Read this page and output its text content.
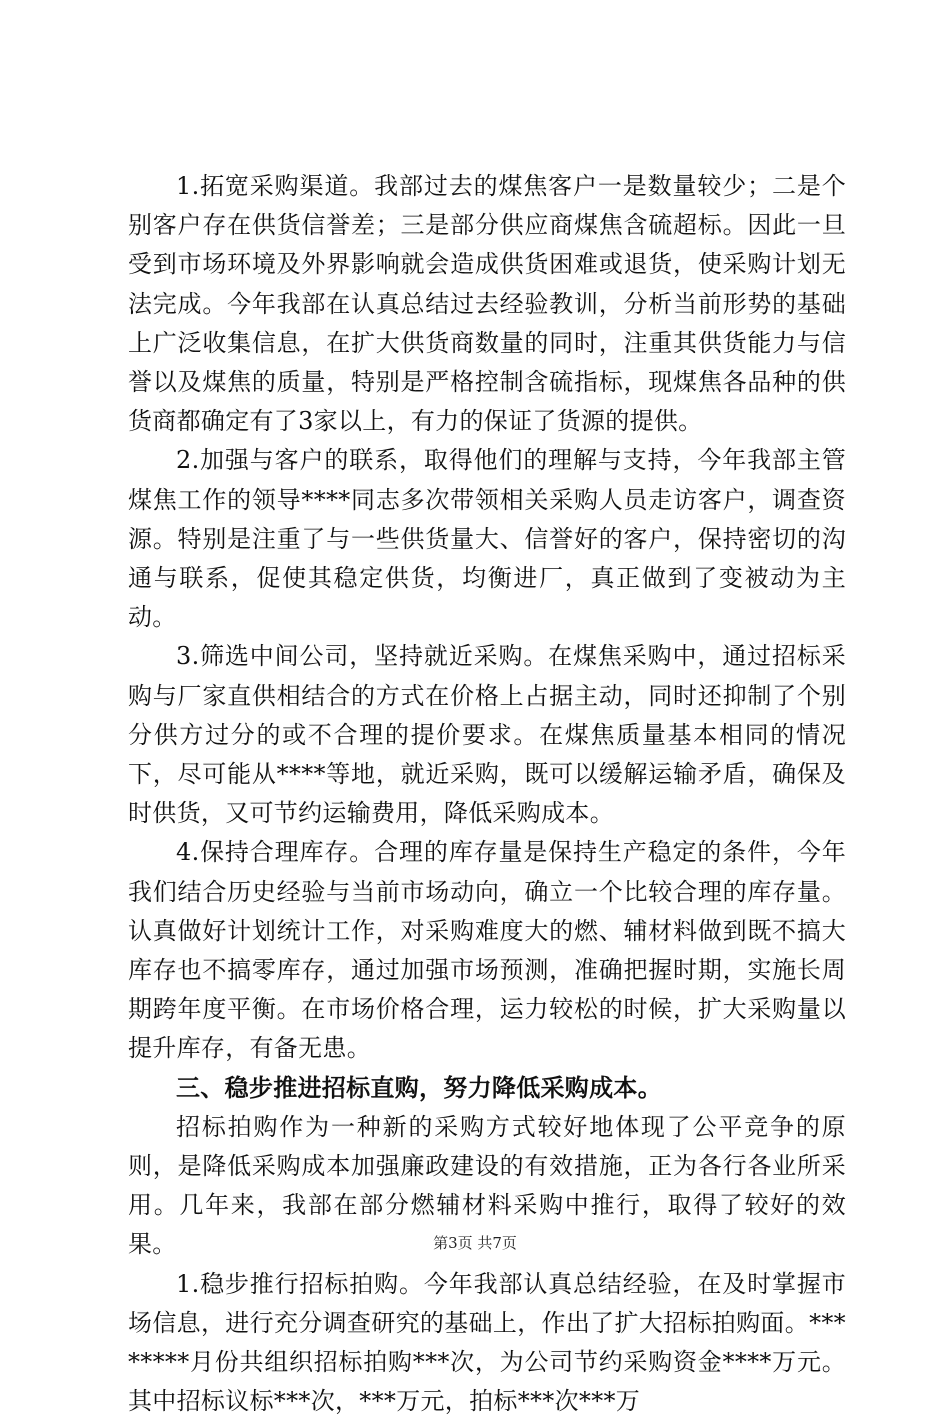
1.拓宽采购渠道。我部过去的煤焦客户一是数量较少；二是个别客户存在供货信誉差；三是部分供应商煤焦含硫超标。因此一旦受到市场环境及外界影响就会造成供货困难或退货，使采购计划无法完成。今年我部在认真总结过去经验教训，分析当前形势的基础上广泛收集信息，在扩大供货商数量的同时，注重其供货能力与信誉以及煤焦的质量，特别是严格控制含硫指标，现煤焦各品种的供货商都确定有了3家以上，有力的保证了货源的提供。

2.加强与客户的联系，取得他们的理解与支持，今年我部主管煤焦工作的领导****同志多次带领相关采购人员走访客户，调查资源。特别是注重了与一些供货量大、信誉好的客户，保持密切的沟通与联系，促使其稳定供货，均衡进厂，真正做到了变被动为主动。

3.筛选中间公司，坚持就近采购。在煤焦采购中，通过招标采购与厂家直供相结合的方式在价格上占据主动，同时还抑制了个别分供方过分的或不合理的提价要求。在煤焦质量基本相同的情况下，尽可能从****等地，就近采购，既可以缓解运输矛盾，确保及时供货，又可节约运输费用，降低采购成本。

4.保持合理库存。合理的库存量是保持生产稳定的条件，今年我们结合历史经验与当前市场动向，确立一个比较合理的库存量。认真做好计划统计工作，对采购难度大的燃、辅材料做到既不搞大库存也不搞零库存，通过加强市场预测，准确把握时期，实施长周期跨年度平衡。在市场价格合理，运力较松的时候，扩大采购量以提升库存，有备无患。

三、稳步推进招标直购，努力降低采购成本。

招标拍购作为一种新的采购方式较好地体现了公平竞争的原则，是降低采购成本加强廉政建设的有效措施，正为各行各业所采用。几年来，我部在部分燃辅材料采购中推行，取得了较好的效果。

1.稳步推行招标拍购。今年我部认真总结经验，在及时掌握市场信息，进行充分调查研究的基础上，作出了扩大招标拍购面。********月份共组织招标拍购***次，为公司节约采购资金****万元。其中招标议标***次，***万元，拍标***次***万

第3页 共7页
